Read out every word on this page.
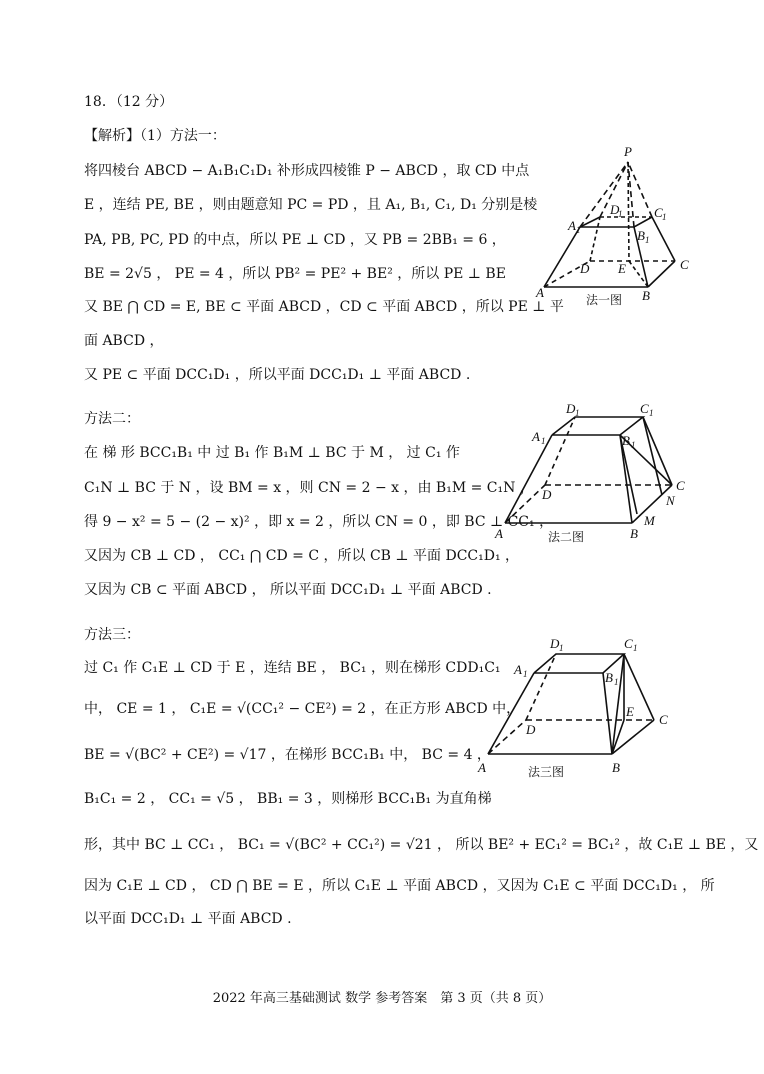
18．（12 分）
【解析】（1）方法一：
将四棱台 ABCD − A₁B₁C₁D₁ 补形成四棱锥 P − ABCD ，取 CD 中点
E ，连结 PE, BE ，则由题意知 PC = PD ，且 A₁, B₁, C₁, D₁ 分别是棱
PA, PB, PC, PD 的中点，所以 PE ⊥ CD ，又 PB = 2BB₁ = 6 ，
BE = 2√5 ， PE = 4 ，所以 PB² = PE² + BE² ，所以 PE ⊥ BE
又 BE ⋂ CD = E, BE ⊂ 平面 ABCD ，CD ⊂ 平面 ABCD ，所以 PE ⊥ 平
面 ABCD ，
又 PE ⊂ 平面 DCC₁D₁ ，所以平面 DCC₁D₁ ⊥ 平面 ABCD .
P
A	B
C
D E
A 1	B 1
C 1
D
1
法一图
方法二：
在 梯 形 BCC₁B₁ 中 过 B₁ 作 B₁M ⊥ BC 于 M ， 过 C₁ 作
C₁N ⊥ BC 于 N ，设 BM = x ，则 CN = 2 − x ，由 B₁M = C₁N ，
得 9 − x² = 5 − (2 − x)² ，即 x = 2 ，所以 CN = 0 ，即 BC ⊥ CC₁ ，
又因为 CB ⊥ CD ， CC₁ ⋂ CD = C ，所以 CB ⊥ 平面 DCC₁D₁ ，
又因为 CB ⊂ 平面 ABCD ， 所以平面 DCC₁D₁ ⊥ 平面 ABCD .
A	B
C
D
M
N
A 1	B 1
C 1
D 1
法二图
方法三：
过 C₁ 作 C₁E ⊥ CD 于 E ，连结 BE ， BC₁ ，则在梯形 CDD₁C₁
中， CE = 1 ， C₁E = √(CC₁² − CE²) = 2 ，在正方形 ABCD 中，
BE = √(BC² + CE²) = √17 ，在梯形 BCC₁B₁ 中， BC = 4 ，
B₁C₁ = 2 ， CC₁ = √5 ， BB₁ = 3 ，则梯形 BCC₁B₁ 为直角梯
形，其中 BC ⊥ CC₁ ， BC₁ = √(BC² + CC₁²) = √21 ， 所以 BE² + EC₁² = BC₁² ，故 C₁E ⊥ BE ，又
因为 C₁E ⊥ CD ， CD ⋂ BE = E ，所以 C₁E ⊥ 平面 ABCD ，又因为 C₁E ⊂ 平面 DCC₁D₁ ， 所
以平面 DCC₁D₁ ⊥ 平面 ABCD .
A	B
C
D
E
A 1	B 1
C 1
D 1
法三图
2022 年高三基础测试 数学 参考答案　第 3 页（共 8 页）
